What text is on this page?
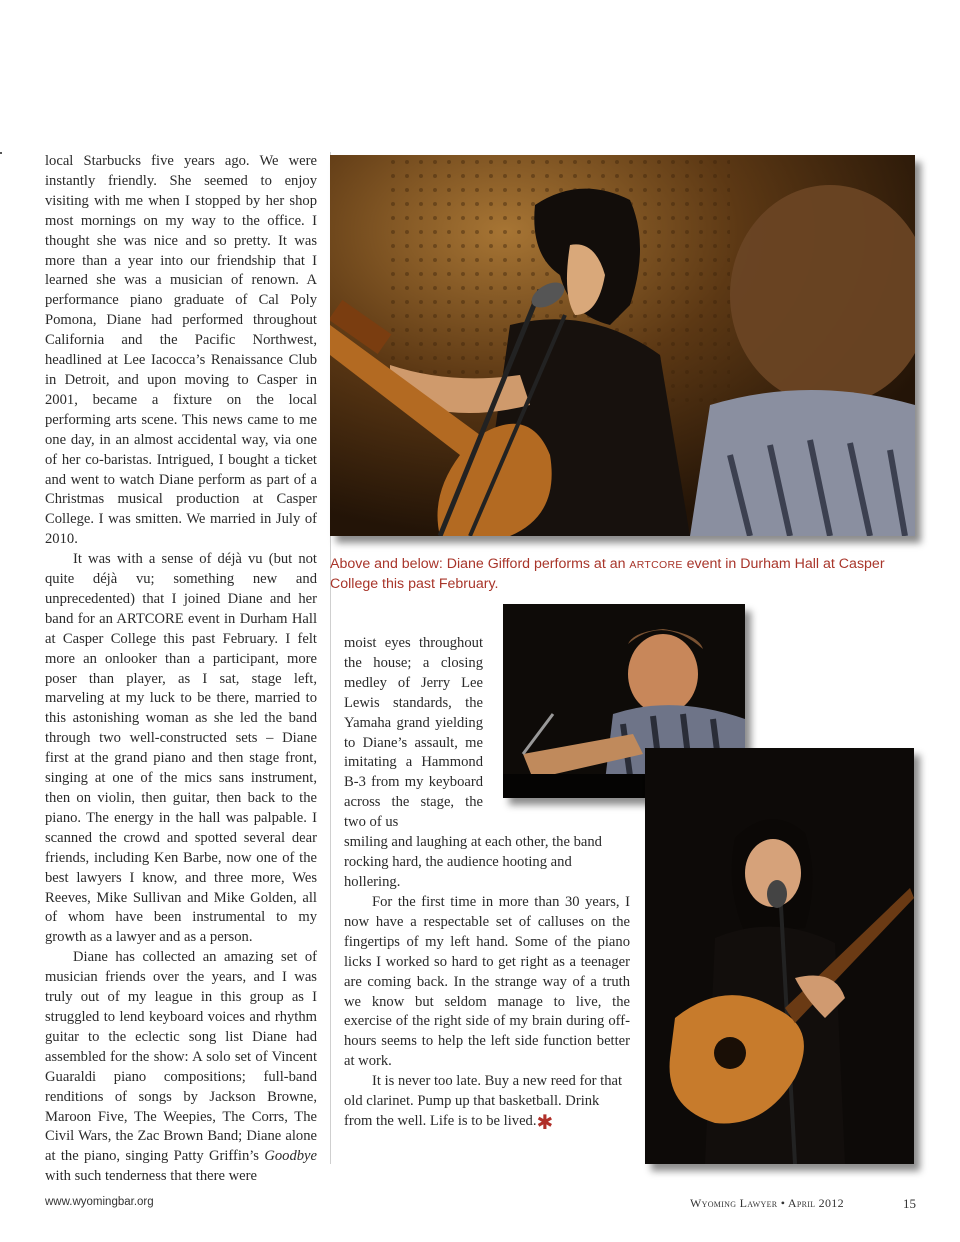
local Starbucks five years ago. We were instantly friendly. She seemed to enjoy visiting with me when I stopped by her shop most mornings on my way to the office. I thought she was nice and so pretty. It was more than a year into our friendship that I learned she was a musician of renown. A performance piano graduate of Cal Poly Pomona, Diane had performed throughout California and the Pacific Northwest, headlined at Lee Iacocca’s Renaissance Club in Detroit, and upon moving to Casper in 2001, became a fixture on the local performing arts scene. This news came to me one day, in an almost accidental way, via one of her co-baristas. Intrigued, I bought a ticket and went to watch Diane perform as part of a Christmas musical production at Casper College. I was smitten. We married in July of 2010.

It was with a sense of déjà vu (but not quite déjà vu; something new and unprecedented) that I joined Diane and her band for an ARTCORE event in Durham Hall at Casper College this past February. I felt more an onlooker than a participant, more poser than player, as I sat, stage left, marveling at my luck to be there, married to this astonishing woman as she led the band through two well-constructed sets – Diane first at the grand piano and then stage front, singing at one of the mics sans instrument, then on violin, then guitar, then back to the piano. The energy in the hall was palpable. I scanned the crowd and spotted several dear friends, including Ken Barbe, now one of the best lawyers I know, and three more, Wes Reeves, Mike Sullivan and Mike Golden, all of whom have been instrumental to my growth as a lawyer and as a person.

Diane has collected an amazing set of musician friends over the years, and I was truly out of my league in this group as I struggled to lend keyboard voices and rhythm guitar to the eclectic song list Diane had assembled for the show: A solo set of Vincent Guaraldi piano compositions; full-band renditions of songs by Jackson Browne, Maroon Five, The Weepies, The Corrs, The Civil Wars, the Zac Brown Band; Diane alone at the piano, singing Patty Griffin’s Goodbye with such tenderness that there were

Above and below: Diane Gifford performs at an ARTCORE event in Durham Hall at Casper College this past February.

moist eyes throughout the house; a closing medley of Jerry Lee Lewis standards, the Yamaha grand yielding to Diane’s assault, me imitating a Hammond B-3 from my keyboard across the stage, the two of us

smiling and laughing at each other, the band rocking hard, the audience hooting and hollering.

For the first time in more than 30 years, I now have a respectable set of calluses on the fingertips of my left hand. Some of the piano licks I worked so hard to get right as a teenager are coming back. In the strange way of a truth we know but seldom manage to live, the exercise of the right side of my brain during off-hours seems to help the left side function better at work.

It is never too late. Buy a new reed for that old clarinet. Pump up that basketball. Drink from the well. Life is to be lived.✱

www.wyomingbar.org	Wyoming Lawyer • April 2012	15
